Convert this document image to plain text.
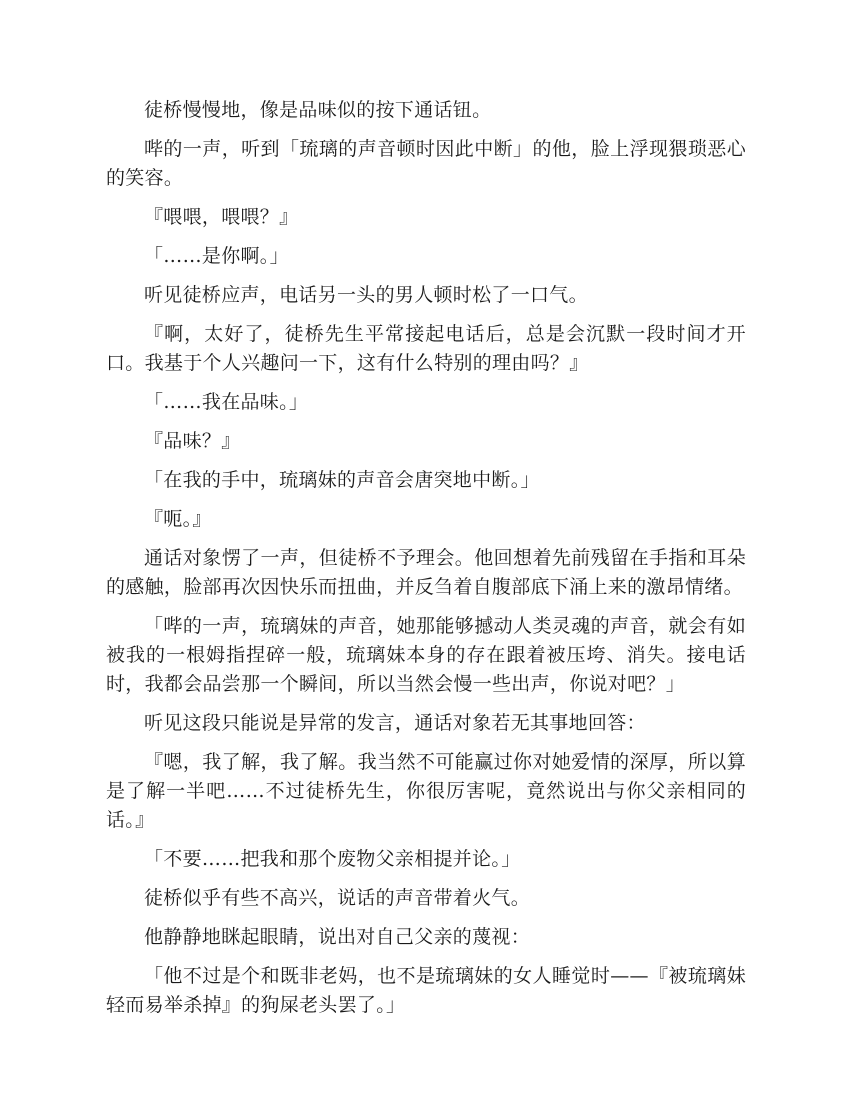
徒桥慢慢地，像是品味似的按下通话钮。

哔的一声，听到「琉璃的声音顿时因此中断」的他，脸上浮现猥琐恶心的笑容。

『喂喂，喂喂？』

「……是你啊。」

听见徒桥应声，电话另一头的男人顿时松了一口气。

『啊，太好了，徒桥先生平常接起电话后，总是会沉默一段时间才开口。我基于个人兴趣问一下，这有什么特别的理由吗？』

「……我在品味。」

『品味？』

「在我的手中，琉璃妹的声音会唐突地中断。」

『呃。』

通话对象愣了一声，但徒桥不予理会。他回想着先前残留在手指和耳朵的感触，脸部再次因快乐而扭曲，并反刍着自腹部底下涌上来的激昂情绪。

「哔的一声，琉璃妹的声音，她那能够撼动人类灵魂的声音，就会有如被我的一根姆指捏碎一般，琉璃妹本身的存在跟着被压垮、消失。接电话时，我都会品尝那一个瞬间，所以当然会慢一些出声，你说对吧？」

听见这段只能说是异常的发言，通话对象若无其事地回答：

『嗯，我了解，我了解。我当然不可能赢过你对她爱情的深厚，所以算是了解一半吧……不过徒桥先生，你很厉害呢，竟然说出与你父亲相同的话。』

「不要……把我和那个废物父亲相提并论。」

徒桥似乎有些不高兴，说话的声音带着火气。

他静静地眯起眼睛，说出对自己父亲的蔑视：

「他不过是个和既非老妈，也不是琉璃妹的女人睡觉时——『被琉璃妹轻而易举杀掉』的狗屎老头罢了。」
